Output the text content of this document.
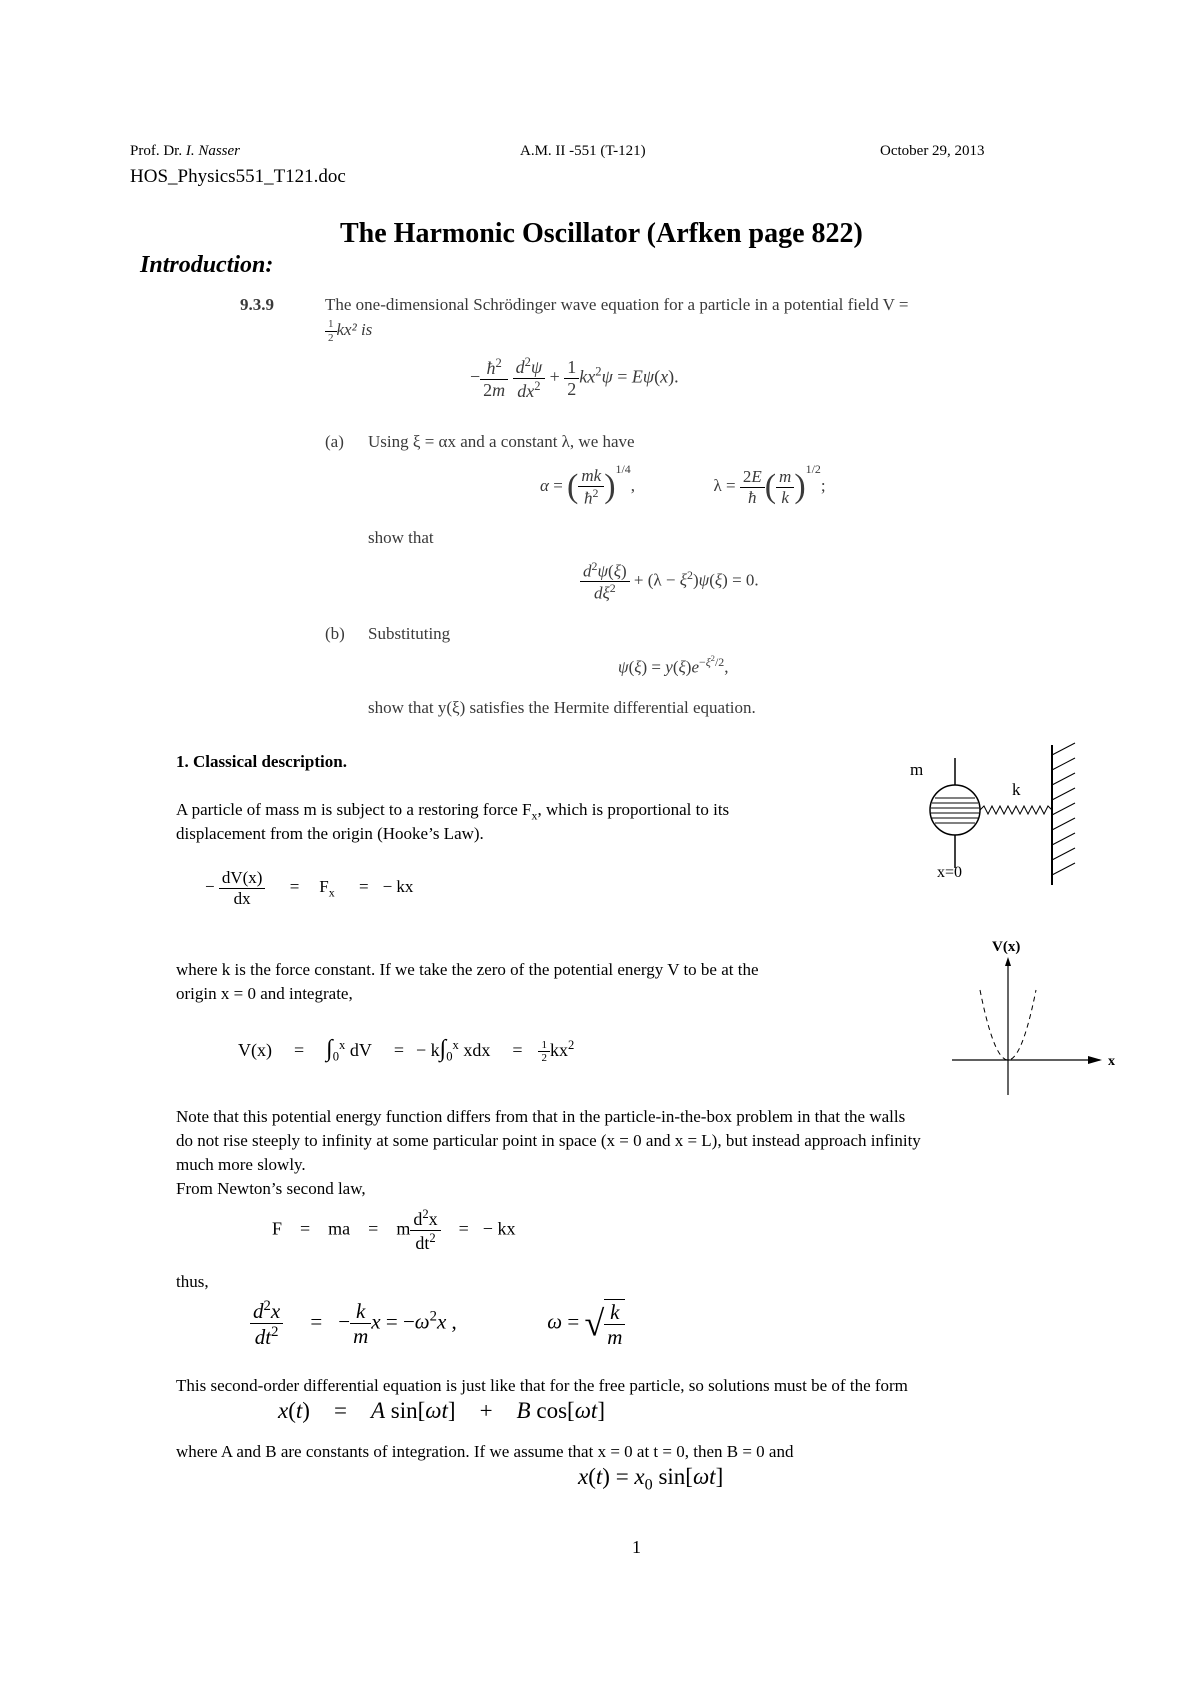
Prof. Dr. I. Nasser	A.M. II -551 (T-121)	October 29, 2013
HOS_Physics551_T121.doc
The Harmonic Oscillator (Arfken page 822)
Introduction:
9.3.9	The one-dimensional Schrödinger wave equation for a particle in a potential field V =
$\frac{1}{2} kx^2$ is
− $\frac{ħ^2}{2m}$
$\frac{d^2\psi}{dx^2} + \frac{1}{2} kx^2\psi = E\psi(x)$.
(a) Using ξ = αx and a constant λ, we have
α = ( $\frac{mk}{ħ^2} )^{1/4}$,	$\lambda = \frac{2E}{ħ}$ ( $\frac{m}{k} )^{1/2}$;
show that
$\frac{d^2\psi(\xi)}{d\xi^2} + (\lambda - \xi^2)\psi(\xi) = 0$.
(b) Substituting
$\psi(\xi) = y(\xi)e^{-\xi^2/2}$,
show that y(ξ) satisfies the Hermite differential equation.
1. Classical description.	m
k
x=0
A particle of mass m is subject to a restoring force $F_x$, which is proportional to its
displacement from the origin (Hooke’s Law).
− $\frac{dV(x)}{dx} = F_x$ = − kx
V(x)
x
where k is the force constant. If we take the zero of the potential energy V to be at the
origin x = 0 and integrate,
$V(x) = \int_0^x$ dV = − $k\int_0^x$ xdx = $\frac{1}{2} kx^2$
Note that this potential energy function differs from that in the particle-in-the-box problem in that the walls
do not rise steeply to infinity at some particular point in space (x = 0 and x = L), but instead approach infinity
much more slowly.
From Newton’s second law,
F = ma = m $\frac{d^2x}{dt^2}$ = − kx
thus,
$\frac{d^2x}{dt^2}$ = − $\frac{k}{m}$ $x = -\omega^2x$ ,	ω = √ $\frac{k}{m}$
This second-order differential equation is just like that for the free particle, so solutions must be of the form
x(t) = A sin[ωt] + B cos[ωt]
where A and B are constants of integration. If we assume that x = 0 at t = 0, then B = 0 and
$x(t) = x_0$ sin[ωt]
1
